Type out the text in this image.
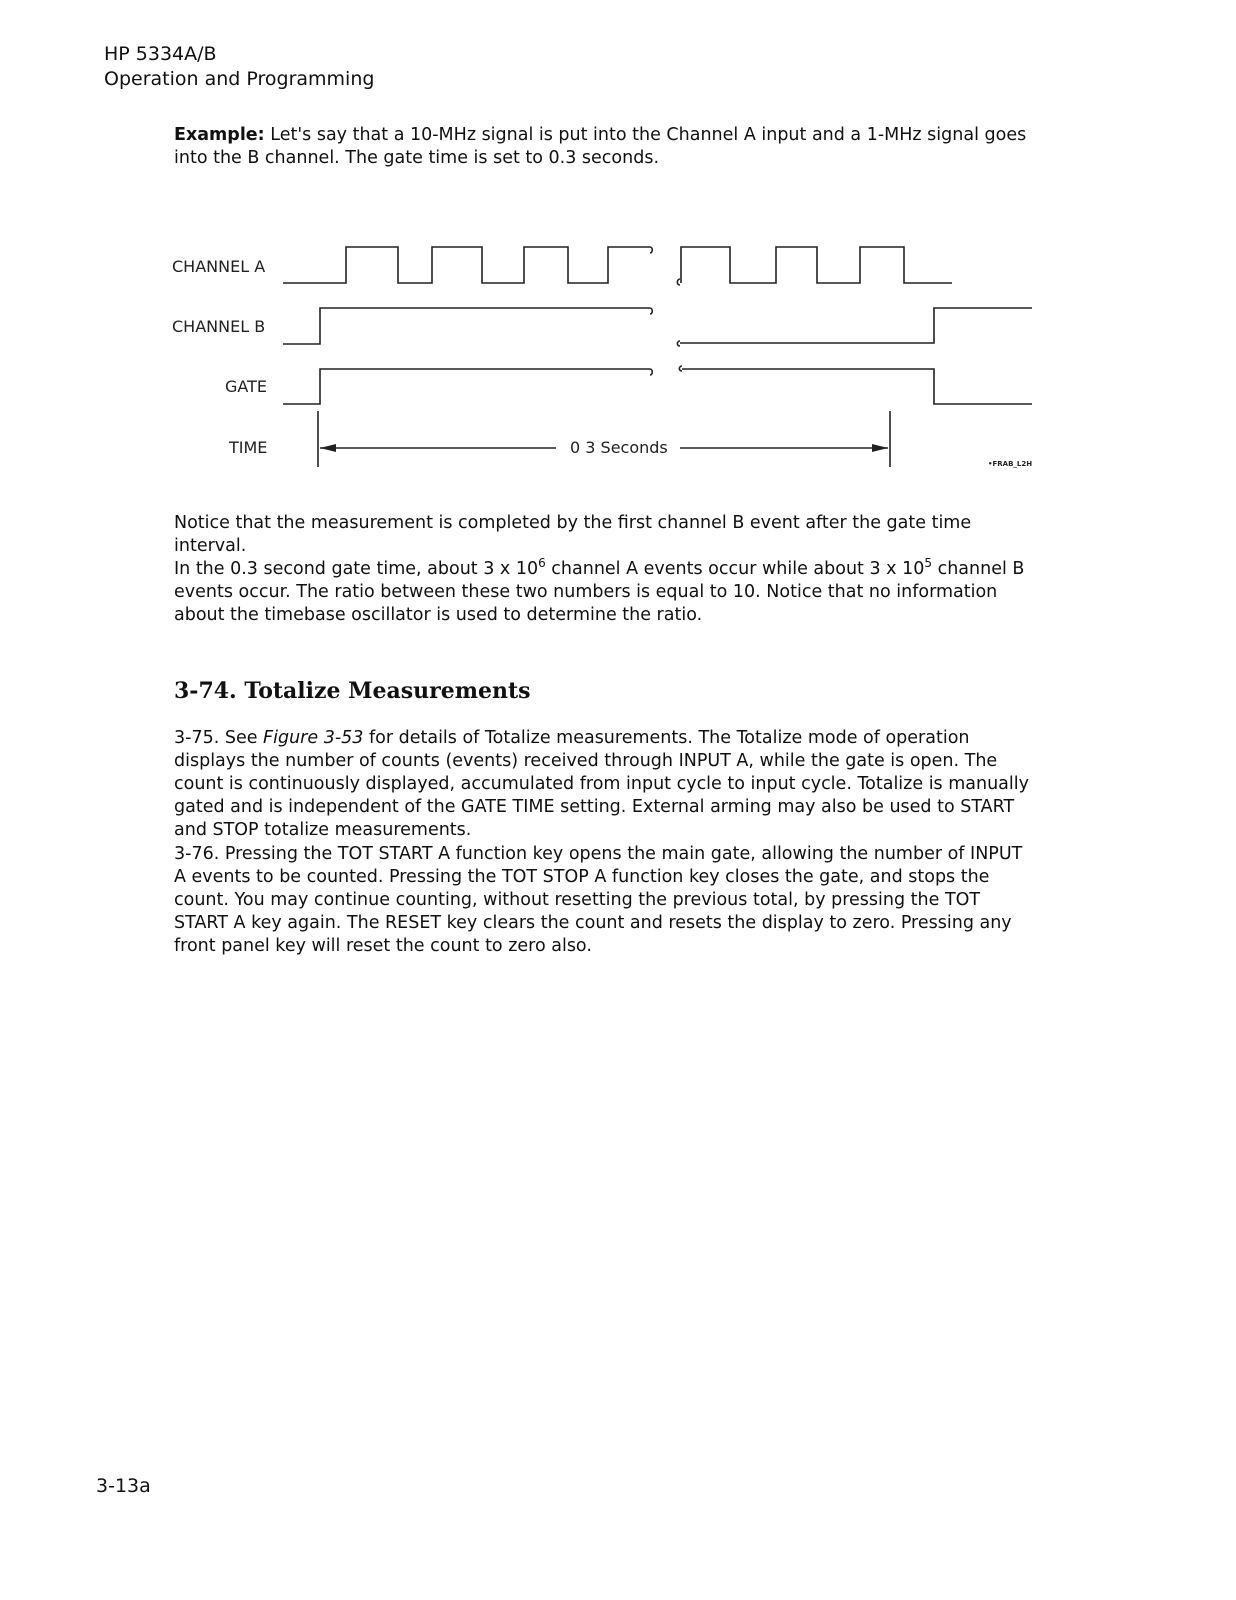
HP 5334A/B
Operation and Programming

Example: Let's say that a 10-MHz signal is put into the Channel A input and a 1-MHz signal goes into the B channel. The gate time is set to 0.3 seconds.

CHANNEL A
CHANNEL B
GATE
TIME	0 3 Seconds
•FRAB_L2H

Notice that the measurement is completed by the first channel B event after the gate time interval.

In the 0.3 second gate time, about 3 x $10^6$ channel A events occur while about 3 x $10^5$ channel B events occur. The ratio between these two numbers is equal to 10. Notice that no information about the timebase oscillator is used to determine the ratio.

3-74. Totalize Measurements

3-75. See Figure 3-53 for details of Totalize measurements. The Totalize mode of operation displays the number of counts (events) received through INPUT A, while the gate is open. The count is continuously displayed, accumulated from input cycle to input cycle. Totalize is manually gated and is independent of the GATE TIME setting. External arming may also be used to START and STOP totalize measurements.

3-76. Pressing the TOT START A function key opens the main gate, allowing the number of INPUT A events to be counted. Pressing the TOT STOP A function key closes the gate, and stops the count. You may continue counting, without resetting the previous total, by pressing the TOT START A key again. The RESET key clears the count and resets the display to zero. Pressing any front panel key will reset the count to zero also.

3-13a
